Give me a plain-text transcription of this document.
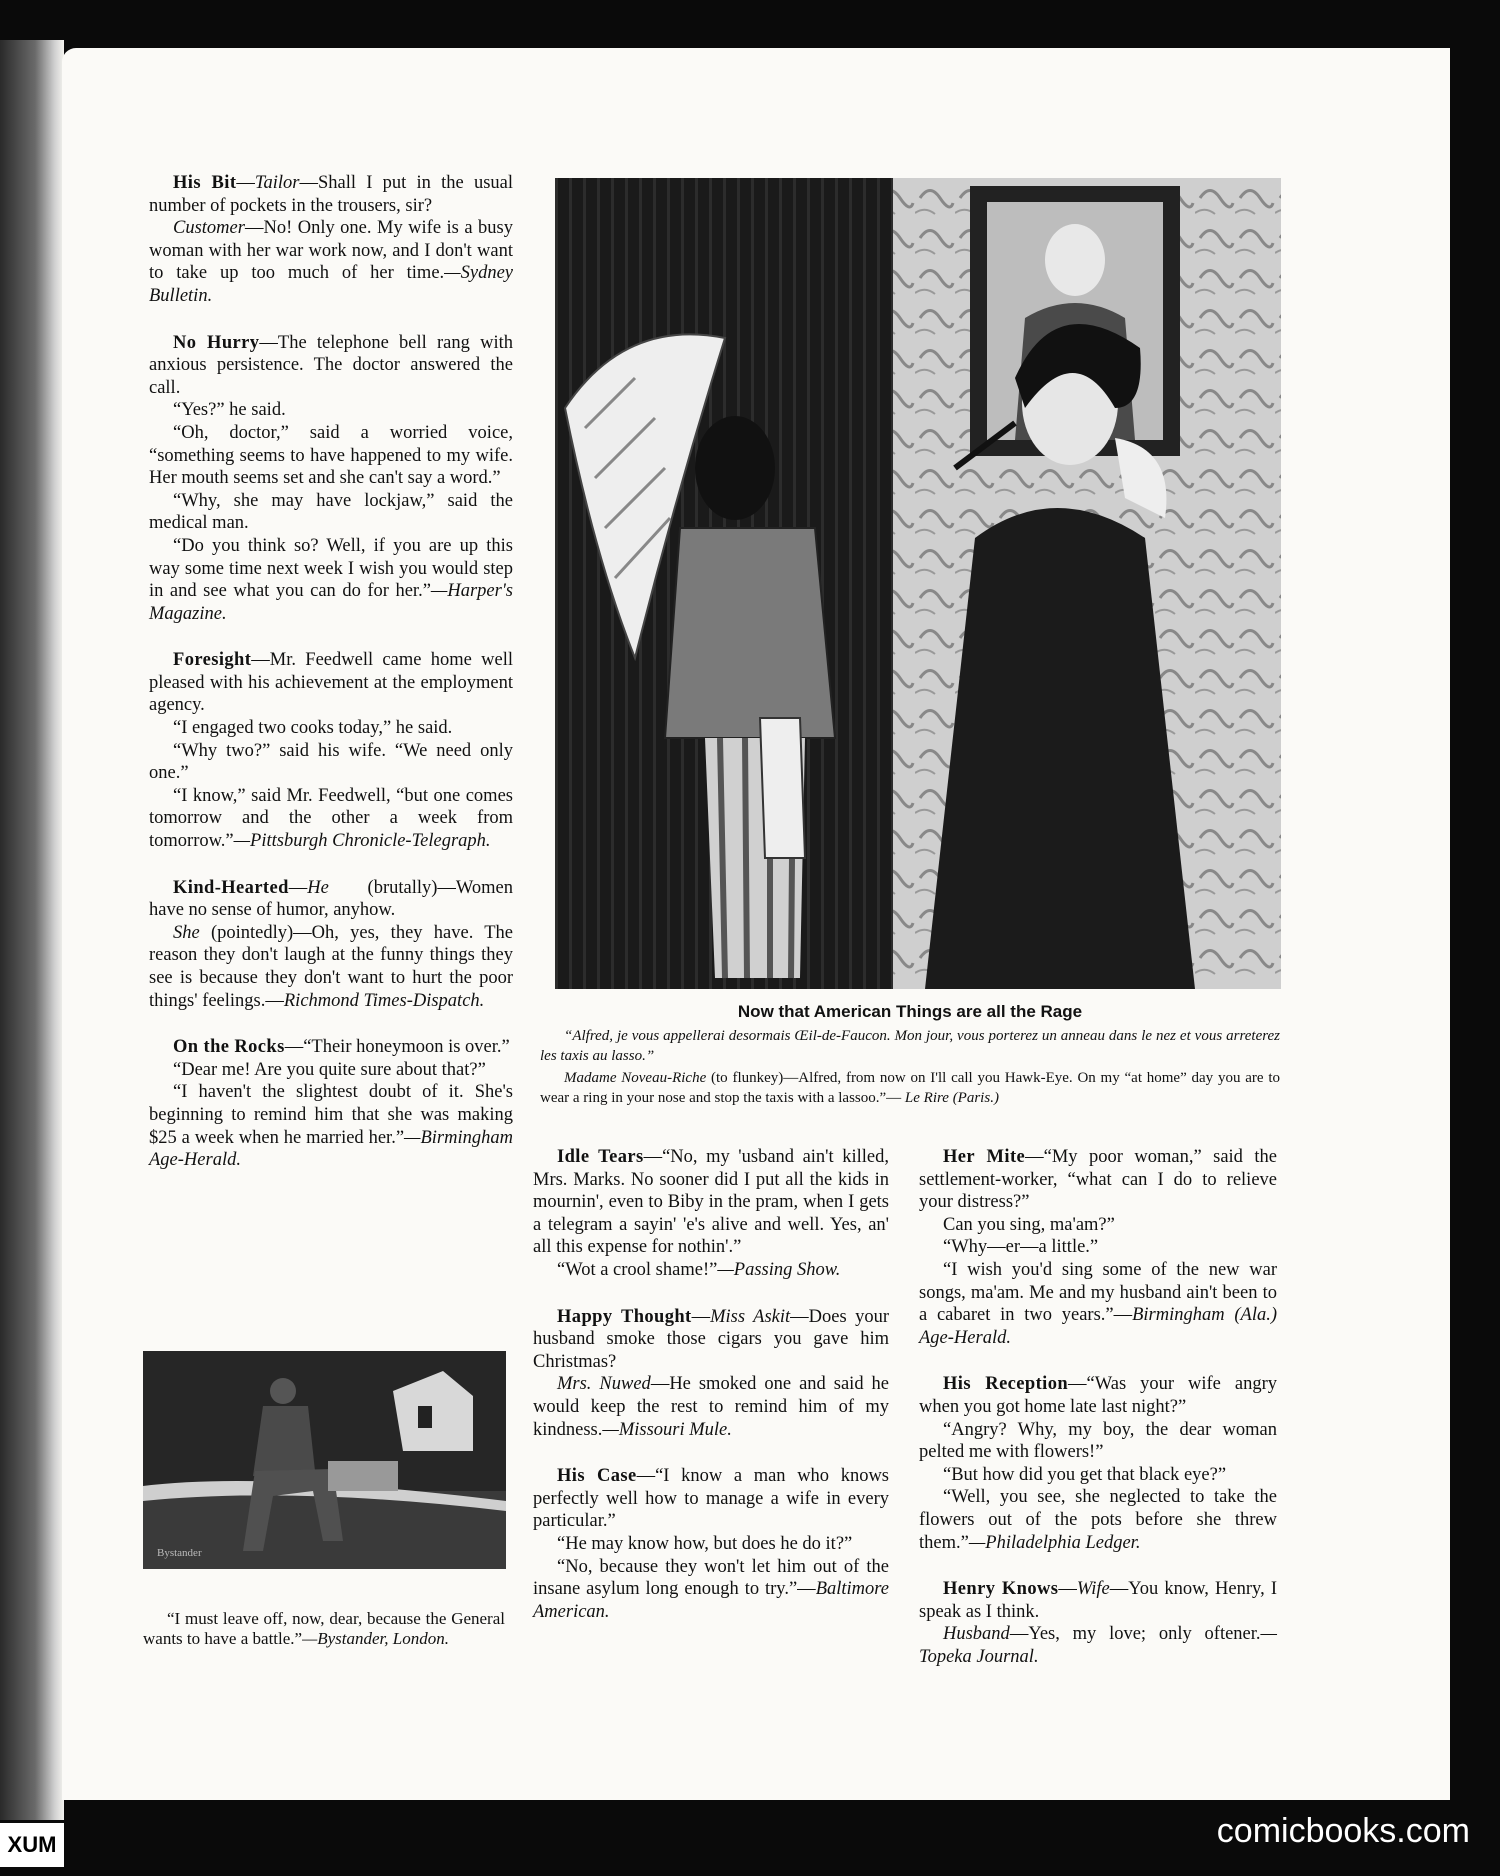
His Bit—Tailor—Shall I put in the usual number of pockets in the trousers, sir?

Customer—No! Only one. My wife is a busy woman with her war work now, and I don't want to take up too much of her time.—Sydney Bulletin.

No Hurry—The telephone bell rang with anxious persistence. The doctor answered the call.

“Yes?” he said.

“Oh, doctor,” said a worried voice, “something seems to have happened to my wife. Her mouth seems set and she can't say a word.”

“Why, she may have lockjaw,” said the medical man.

“Do you think so? Well, if you are up this way some time next week I wish you would step in and see what you can do for her.”—Harper's Magazine.

Foresight—Mr. Feedwell came home well pleased with his achievement at the employment agency.

“I engaged two cooks today,” he said.

“Why two?” said his wife. “We need only one.”

“I know,” said Mr. Feedwell, “but one comes tomorrow and the other a week from tomorrow.”—Pittsburgh Chronicle-Telegraph.

Kind-Hearted—He (brutally)—Women have no sense of humor, anyhow.

She (pointedly)—Oh, yes, they have. The reason they don't laugh at the funny things they see is because they don't want to hurt the poor things' feelings.—Richmond Times-Dispatch.

On the Rocks—“Their honeymoon is over.”

“Dear me! Are you quite sure about that?”

“I haven't the slightest doubt of it. She's beginning to remind him that she was making $25 a week when he married her.”—Birmingham Age-Herald.

Bystander
“I must leave off, now, dear, because the General wants to have a battle.”—Bystander, London.
Now that American Things are all the Rage
“Alfred, je vous appellerai desormais Œil-de-Faucon. Mon jour, vous porterez un anneau dans le nez et vous arreterez les taxis au lasso.”
Madame Noveau-Riche (to flunkey)—Alfred, from now on I'll call you Hawk-Eye. On my “at home” day you are to wear a ring in your nose and stop the taxis with a lassoo.”— Le Rire (Paris.)

Idle Tears—“No, my 'usband ain't killed, Mrs. Marks. No sooner did I put all the kids in mournin', even to Biby in the pram, when I gets a telegram a sayin' 'e's alive and well. Yes, an' all this expense for nothin'.”

“Wot a crool shame!”—Passing Show.

Happy Thought—Miss Askit—Does your husband smoke those cigars you gave him Christmas?

Mrs. Nuwed—He smoked one and said he would keep the rest to remind him of my kindness.—Missouri Mule.

His Case—“I know a man who knows perfectly well how to manage a wife in every particular.”

“He may know how, but does he do it?”

“No, because they won't let him out of the insane asylum long enough to try.”—Baltimore American.

Her Mite—“My poor woman,” said the settlement-worker, “what can I do to relieve your distress?”

Can you sing, ma'am?”

“Why—er—a little.”

“I wish you'd sing some of the new war songs, ma'am. Me and my husband ain't been to a cabaret in two years.”—Birmingham (Ala.) Age-Herald.

His Reception—“Was your wife angry when you got home late last night?”

“Angry? Why, my boy, the dear woman pelted me with flowers!”

“But how did you get that black eye?”

“Well, you see, she neglected to take the flowers out of the pots before she threw them.”—Philadelphia Ledger.

Henry Knows—Wife—You know, Henry, I speak as I think.

Husband—Yes, my love; only oftener.—Topeka Journal.

XUM	comicbooks.com
